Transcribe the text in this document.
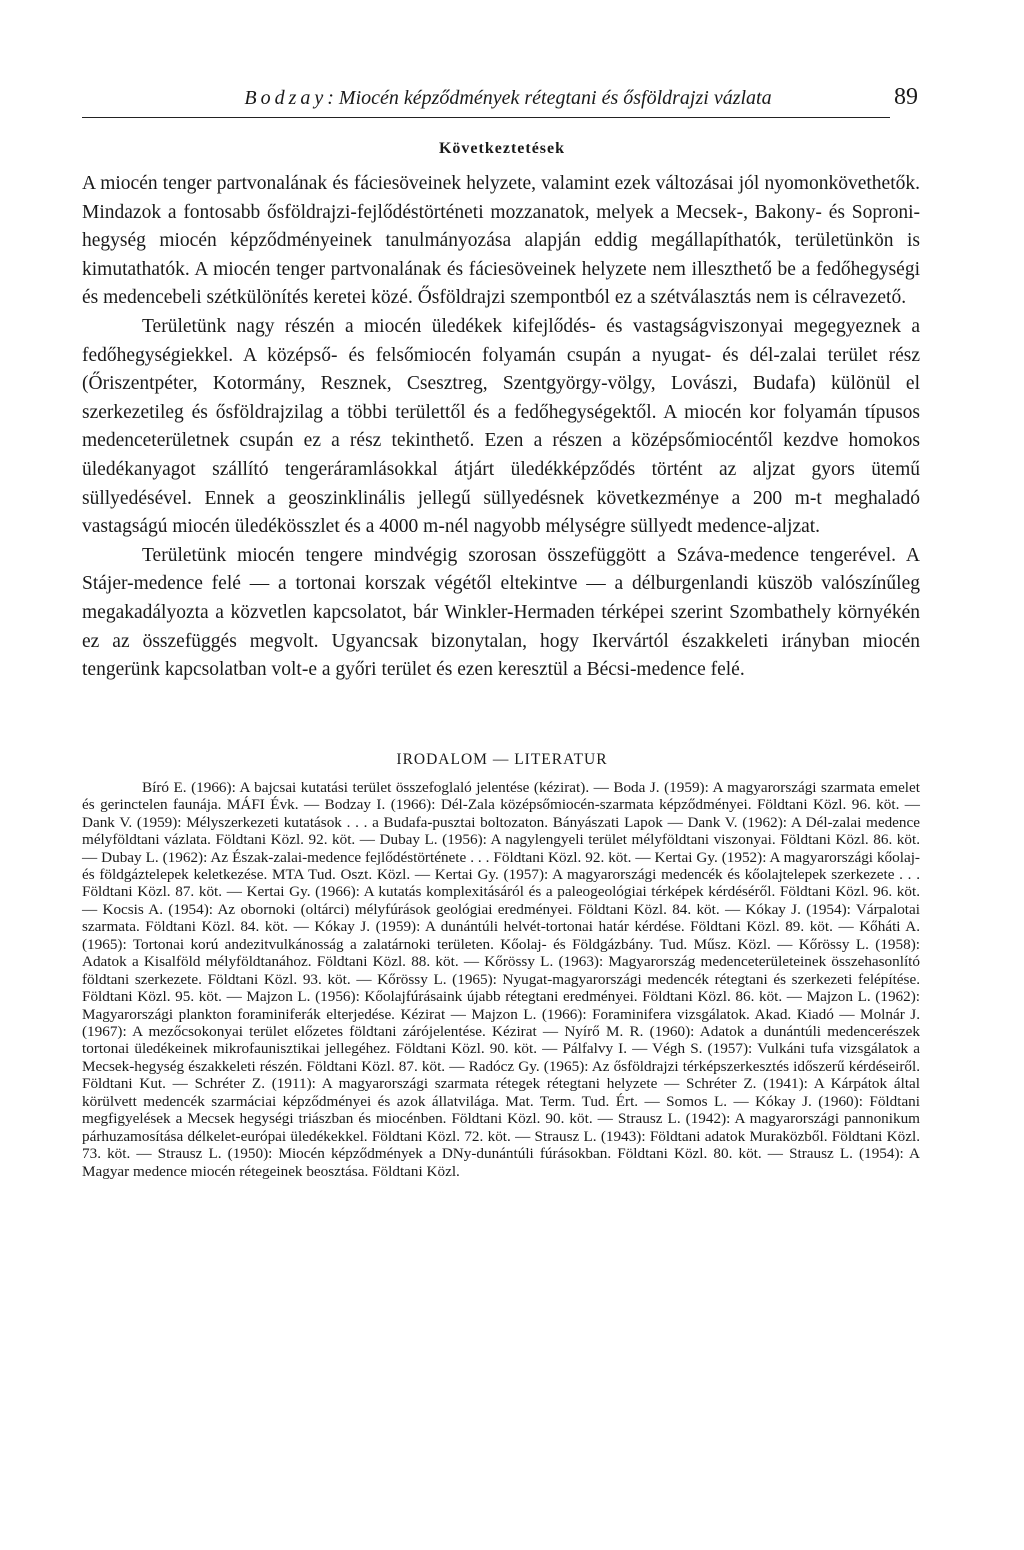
Bodzay: Miocén képződmények rétegtani és ősföldrajzi vázlata	89
Következtetések

A miocén tenger partvonalának és fáciesöveinek helyzete, valamint ezek változásai jól nyomonkövethetők. Mindazok a fontosabb ősföldrajzi-fejlődéstörténeti mozzanatok, melyek a Mecsek-, Bakony- és Soproni-hegység miocén képződményeinek tanulmányozása alapján eddig megállapíthatók, területünkön is kimutathatók. A miocén tenger partvonalának és fáciesöveinek helyzete nem illeszthető be a fedőhegységi és medencebeli szétkülönítés keretei közé. Ősföldrajzi szempontból ez a szétválasztás nem is célravezető.

Területünk nagy részén a miocén üledékek kifejlődés- és vastagságviszonyai megegyeznek a fedőhegységiekkel. A középső- és felsőmiocén folyamán csupán a nyugat- és dél-zalai terület rész (Őriszentpéter, Kotormány, Resznek, Csesztreg, Szentgyörgy-völgy, Lovászi, Budafa) különül el szerkezetileg és ősföldrajzilag a többi területtől és a fedőhegységektől. A miocén kor folyamán típusos medenceterületnek csupán ez a rész tekinthető. Ezen a részen a középsőmiocéntől kezdve homokos üledékanyagot szállító tengeráramlásokkal átjárt üledékképződés történt az aljzat gyors ütemű süllyedésével. Ennek a geoszinklinális jellegű süllyedésnek következménye a 200 m-t meghaladó vastagságú miocén üledékösszlet és a 4000 m-nél nagyobb mélységre süllyedt medence-aljzat.

Területünk miocén tengere mindvégig szorosan összefüggött a Száva-medence tengerével. A Stájer-medence felé — a tortonai korszak végétől eltekintve — a délburgenlandi küszöb valószínűleg megakadályozta a közvetlen kapcsolatot, bár Winkler-Hermaden térképei szerint Szombathely környékén ez az összefüggés megvolt. Ugyancsak bizonytalan, hogy Ikervártól északkeleti irányban miocén tengerünk kapcsolatban volt-e a győri terület és ezen keresztül a Bécsi-medence felé.

IRODALOM — LITERATUR

Bíró E. (1966): A bajcsai kutatási terület összefoglaló jelentése (kézirat). — Boda J. (1959): A magyarországi szarmata emelet és gerinctelen faunája. MÁFI Évk. — Bodzay I. (1966): Dél-Zala középsőmiocén-szarmata képződményei. Földtani Közl. 96. köt. — Dank V. (1959): Mélyszerkezeti kutatások . . . a Budafa-pusztai boltozaton. Bányászati Lapok — Dank V. (1962): A Dél-zalai medence mélyföldtani vázlata. Földtani Közl. 92. köt. — Dubay L. (1956): A nagylengyeli terület mélyföldtani viszonyai. Földtani Közl. 86. köt. — Dubay L. (1962): Az Észak-zalai-medence fejlődéstörténete . . . Földtani Közl. 92. köt. — Kertai Gy. (1952): A magyarországi kőolaj- és földgáztelepek keletkezése. MTA Tud. Oszt. Közl. — Kertai Gy. (1957): A magyarországi medencék és kőolajtelepek szerkezete . . . Földtani Közl. 87. köt. — Kertai Gy. (1966): A kutatás komplexitásáról és a paleogeológiai térképek kérdéséről. Földtani Közl. 96. köt. — Kocsis A. (1954): Az obornoki (oltárci) mélyfúrások geológiai eredményei. Földtani Közl. 84. köt. — Kókay J. (1954): Várpalotai szarmata. Földtani Közl. 84. köt. — Kókay J. (1959): A dunántúli helvét-tortonai határ kérdése. Földtani Közl. 89. köt. — Kőháti A. (1965): Tortonai korú andezitvulkánosság a zalatárnoki területen. Kőolaj- és Földgázbány. Tud. Műsz. Közl. — Kőrössy L. (1958): Adatok a Kisalföld mélyföldtanához. Földtani Közl. 88. köt. — Kőrössy L. (1963): Magyarország medenceterületeinek összehasonlító földtani szerkezete. Földtani Közl. 93. köt. — Kőrössy L. (1965): Nyugat-magyarországi medencék rétegtani és szerkezeti felépítése. Földtani Közl. 95. köt. — Majzon L. (1956): Kőolajfúrásaink újabb rétegtani eredményei. Földtani Közl. 86. köt. — Majzon L. (1962): Magyarországi plankton foraminiferák elterjedése. Kézirat — Majzon L. (1966): Foraminifera vizsgálatok. Akad. Kiadó — Molnár J. (1967): A mezőcsokonyai terület előzetes földtani zárójelentése. Kézirat — Nyírő M. R. (1960): Adatok a dunántúli medencerészek tortonai üledékeinek mikrofaunisztikai jellegéhez. Földtani Közl. 90. köt. — Pálfalvy I. — Végh S. (1957): Vulkáni tufa vizsgálatok a Mecsek-hegység északkeleti részén. Földtani Közl. 87. köt. — Radócz Gy. (1965): Az ősföldrajzi térképszerkesztés időszerű kérdéseiről. Földtani Kut. — Schréter Z. (1911): A magyarországi szarmata rétegek rétegtani helyzete — Schréter Z. (1941): A Kárpátok által körülvett medencék szarmáciai képződményei és azok állatvilága. Mat. Term. Tud. Ért. — Somos L. — Kókay J. (1960): Földtani megfigyelések a Mecsek hegységi triászban és miocénben. Földtani Közl. 90. köt. — Strausz L. (1942): A magyarországi pannonikum párhuzamosítása délkelet-európai üledékekkel. Földtani Közl. 72. köt. — Strausz L. (1943): Földtani adatok Muraközből. Földtani Közl. 73. köt. — Strausz L. (1950): Miocén képződmények a DNy-dunántúli fúrásokban. Földtani Közl. 80. köt. — Strausz L. (1954): A Magyar medence miocén rétegeinek beosztása. Földtani Közl.
